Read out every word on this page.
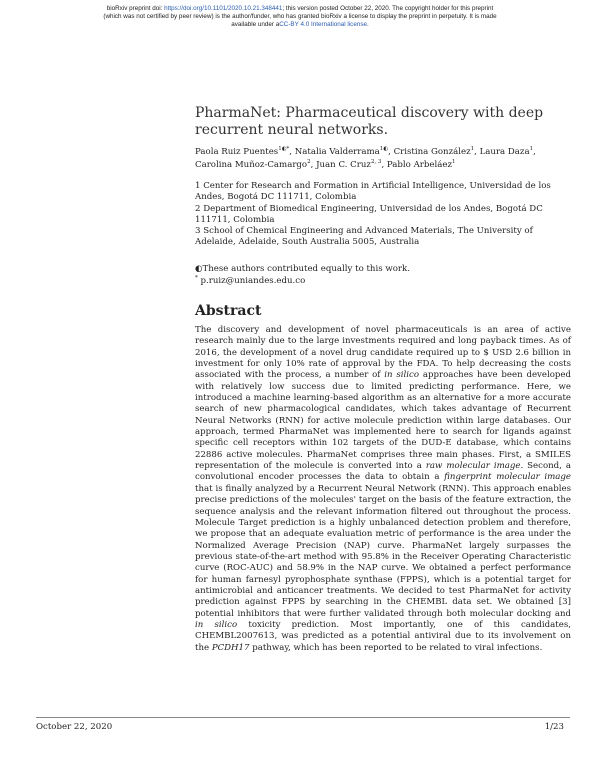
bioRxiv preprint doi: https://doi.org/10.1101/2020.10.21.348441; this version posted October 22, 2020. The copyright holder for this preprint
(which was not certified by peer review) is the author/funder, who has granted bioRxiv a license to display the preprint in perpetuity. It is made
available under aCC-BY 4.0 International license.
PharmaNet: Pharmaceutical discovery with deep recurrent neural networks.
Paola Ruiz Puentes$^{1◐*}$, Natalia Valderrama$^{1◐}$, Cristina González$^1$, Laura Daza$^1$,
Carolina Muñoz-Camargo$^2$, Juan C. Cruz$^{2, 3}$, Pablo Arbeláez$^1$
1 Center for Research and Formation in Artificial Intelligence, Universidad de los Andes, Bogotá DC 111711, Colombia
2 Department of Biomedical Engineering, Universidad de los Andes, Bogotá DC 111711, Colombia
3 School of Chemical Engineering and Advanced Materials, The University of Adelaide, Adelaide, South Australia 5005, Australia
◐These authors contributed equally to this work.
* p.ruiz@uniandes.edu.co
Abstract

The discovery and development of novel pharmaceuticals is an area of active research mainly due to the large investments required and long payback times. As of 2016, the development of a novel drug candidate required up to $ USD 2.6 billion in investment for only 10% rate of approval by the FDA. To help decreasing the costs associated with the process, a number of in silico approaches have been developed with relatively low success due to limited predicting performance. Here, we introduced a machine learning-based algorithm as an alternative for a more accurate search of new pharmacological candidates, which takes advantage of Recurrent Neural Networks (RNN) for active molecule prediction within large databases. Our approach, termed PharmaNet was implemented here to search for ligands against specific cell receptors within 102 targets of the DUD-E database, which contains 22886 active molecules. PharmaNet comprises three main phases. First, a SMILES representation of the molecule is converted into a raw molecular image. Second, a convolutional encoder processes the data to obtain a fingerprint molecular image that is finally analyzed by a Recurrent Neural Network (RNN). This approach enables precise predictions of the molecules' target on the basis of the feature extraction, the sequence analysis and the relevant information filtered out throughout the process. Molecule Target prediction is a highly unbalanced detection problem and therefore, we propose that an adequate evaluation metric of performance is the area under the Normalized Average Precision (NAP) curve. PharmaNet largely surpasses the previous state-of-the-art method with 95.8% in the Receiver Operating Characteristic curve (ROC-AUC) and 58.9% in the NAP curve. We obtained a perfect performance for human farnesyl pyrophosphate synthase (FPPS), which is a potential target for antimicrobial and anticancer treatments. We decided to test PharmaNet for activity prediction against FPPS by searching in the CHEMBL data set. We obtained [3] potential inhibitors that were further validated through both molecular docking and in silico toxicity prediction. Most importantly, one of this candidates, CHEMBL2007613, was predicted as a potential antiviral due to its involvement on the PCDH17 pathway, which has been reported to be related to viral infections.

October 22, 2020	1/23
